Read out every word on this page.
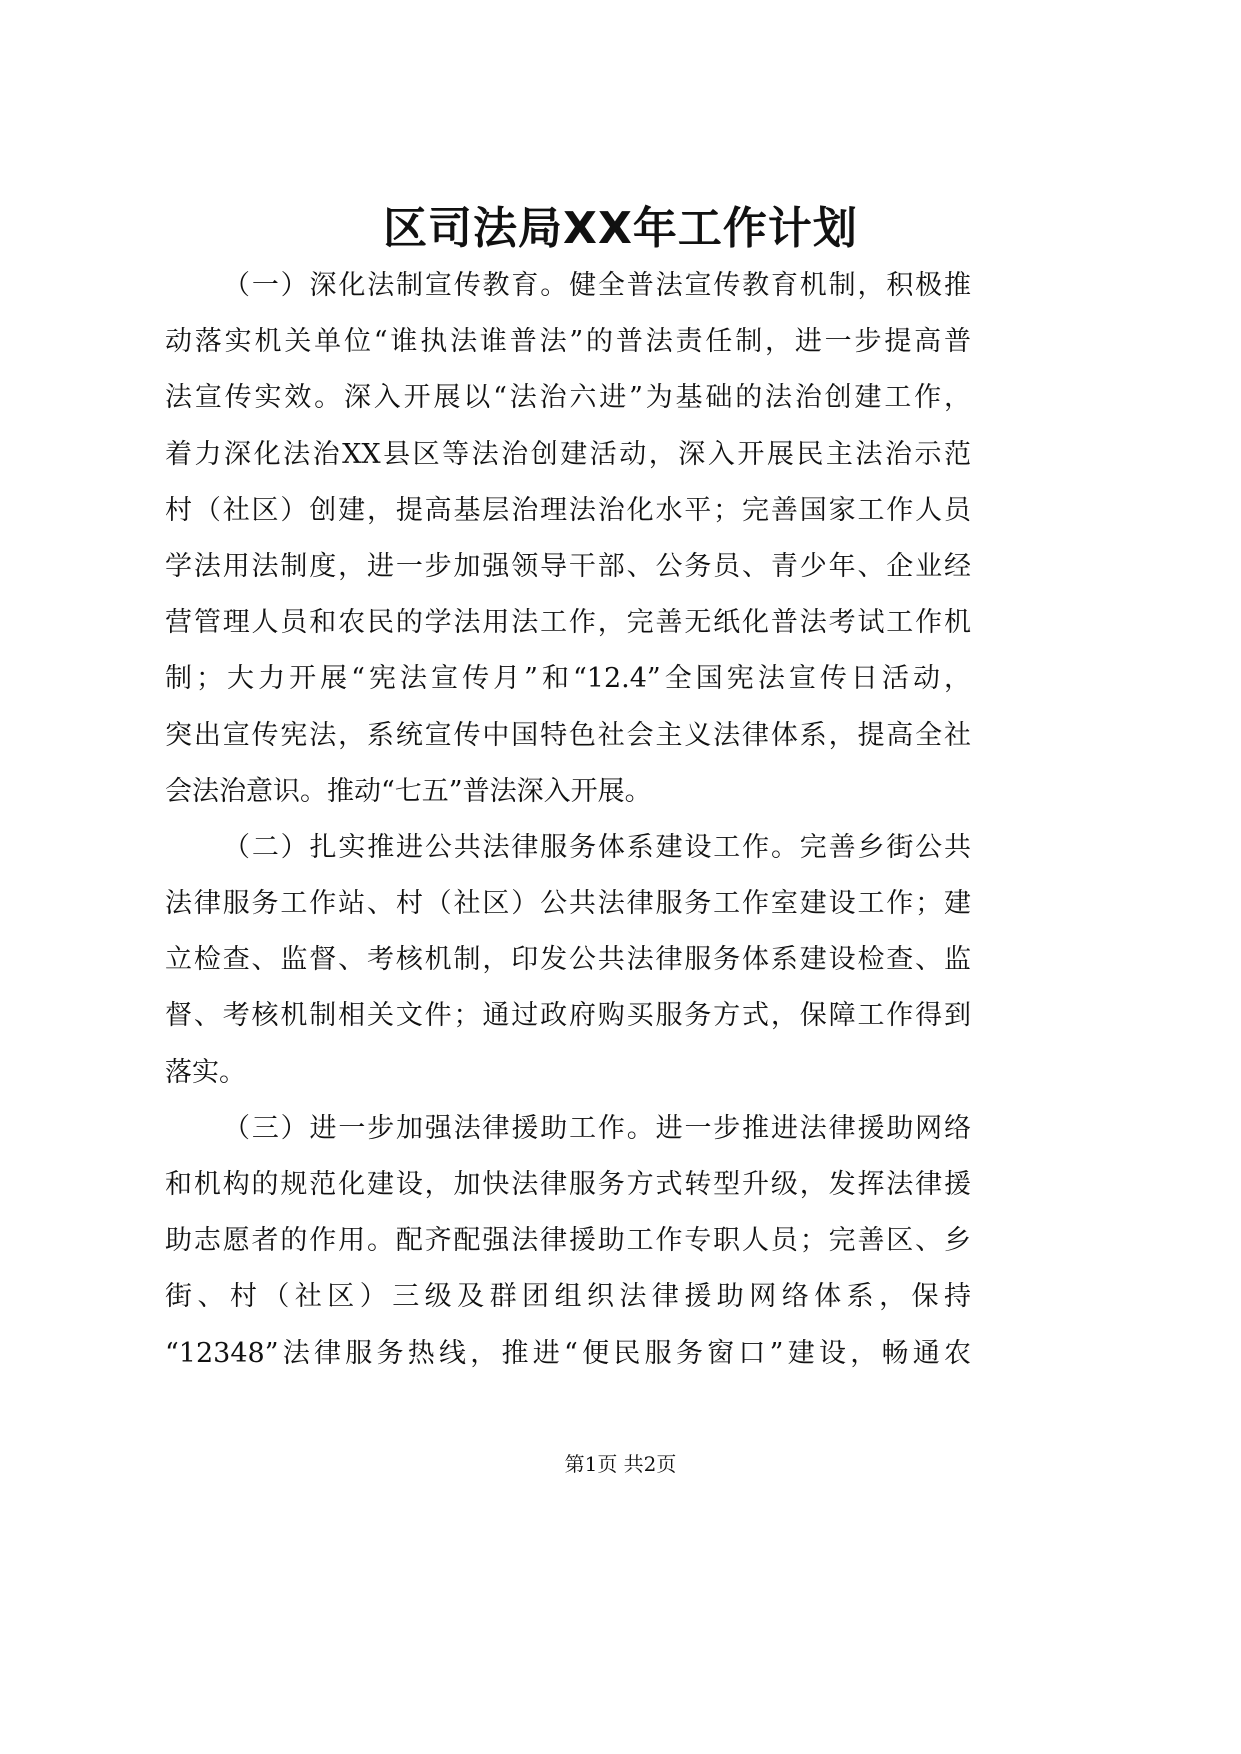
区司法局XX年工作计划
（一）深化法制宣传教育。健全普法宣传教育机制，积极推
动落实机关单位“谁执法谁普法”的普法责任制，进一步提高普
法宣传实效。深入开展以“法治六进”为基础的法治创建工作，
着力深化法治XX县区等法治创建活动，深入开展民主法治示范
村（社区）创建，提高基层治理法治化水平；完善国家工作人员
学法用法制度，进一步加强领导干部、公务员、青少年、企业经
营管理人员和农民的学法用法工作，完善无纸化普法考试工作机
制；大力开展“宪法宣传月”和“12.4”全国宪法宣传日活动，
突出宣传宪法，系统宣传中国特色社会主义法律体系，提高全社
会法治意识。推动“七五”普法深入开展。
（二）扎实推进公共法律服务体系建设工作。完善乡街公共
法律服务工作站、村（社区）公共法律服务工作室建设工作；建
立检查、监督、考核机制，印发公共法律服务体系建设检查、监
督、考核机制相关文件；通过政府购买服务方式，保障工作得到
落实。
（三）进一步加强法律援助工作。进一步推进法律援助网络
和机构的规范化建设，加快法律服务方式转型升级，发挥法律援
助志愿者的作用。配齐配强法律援助工作专职人员；完善区、乡
街、村（社区）三级及群团组织法律援助网络体系，保持
“12348”法律服务热线，推进“便民服务窗口”建设，畅通农
第1页 共2页
